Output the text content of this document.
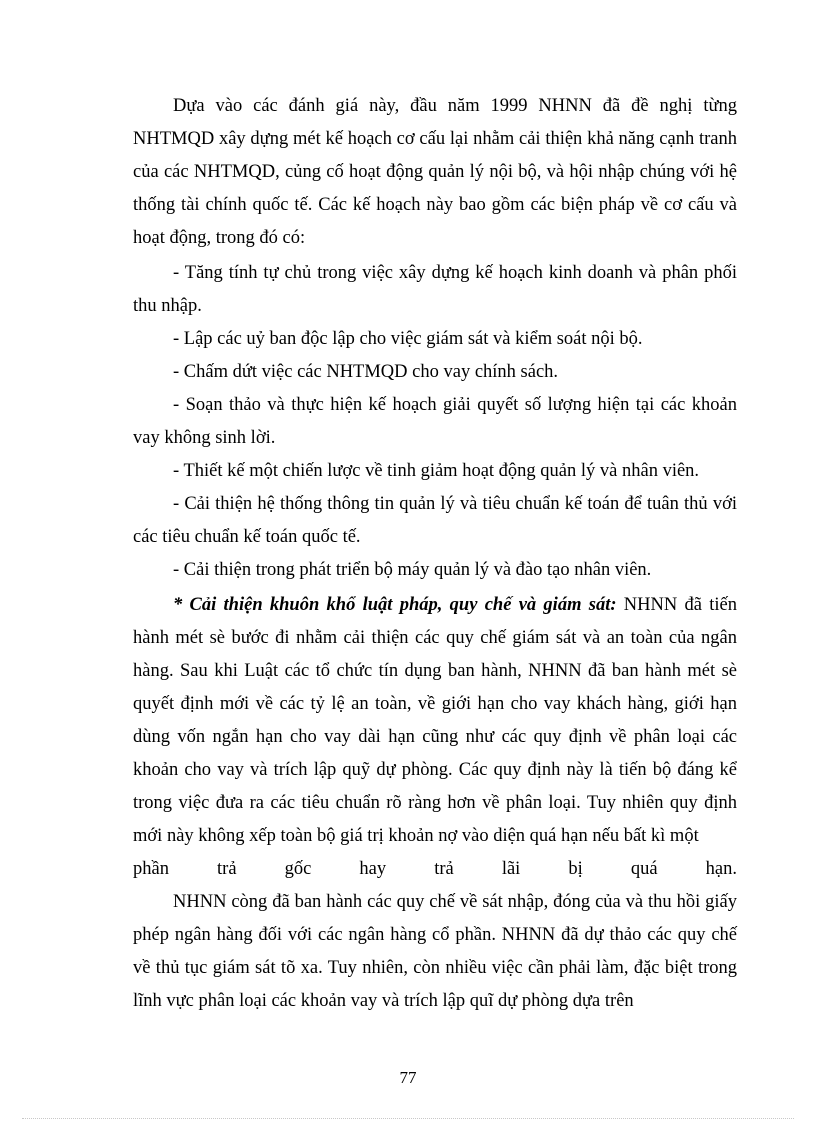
Dựa vào các đánh giá này, đầu năm 1999 NHNN đã đề nghị từng NHTMQD xây dựng mét kế hoạch cơ cấu lại nhằm cải thiện khả năng cạnh tranh của các NHTMQD, củng cố hoạt động quản lý nội bộ, và hội nhập chúng với hệ thống tài chính quốc tế. Các kế hoạch này bao gồm các biện pháp về cơ cấu và hoạt động, trong đó có:

- Tăng tính tự chủ trong việc xây dựng kế hoạch kinh doanh và phân phối thu nhập.

- Lập các uỷ ban độc lập cho việc giám sát và kiểm soát nội bộ.

- Chấm dứt việc các NHTMQD cho vay chính sách.

- Soạn thảo và thực hiện kế hoạch giải quyết số lượng hiện tại các khoản vay không sinh lời.

- Thiết kế một chiến lược về tinh giảm hoạt động quản lý và nhân viên.

- Cải thiện hệ thống thông tin quản lý và tiêu chuẩn kế toán để tuân thủ với các tiêu chuẩn kế toán quốc tế.

- Cải thiện trong phát triển bộ máy quản lý và đào tạo nhân viên.

* Cải thiện khuôn khổ luật pháp, quy chế và giám sát: NHNN đã tiến hành mét sè bước đi nhằm cải thiện các quy chế giám sát và an toàn của ngân hàng. Sau khi Luật các tổ chức tín dụng ban hành, NHNN đã ban hành mét sè quyết định mới về các tỷ lệ an toàn, về giới hạn cho vay khách hàng, giới hạn dùng vốn ngắn hạn cho vay dài hạn cũng như các quy định về phân loại các khoản cho vay và trích lập quỹ dự phòng. Các quy định này là tiến bộ đáng kể trong việc đưa ra các tiêu chuẩn rõ ràng hơn về phân loại. Tuy nhiên quy định mới này không xếp toàn bộ giá trị khoản nợ vào diện quá hạn nếu bất kì một

phần trả gốc hay trả lãi bị quá hạn.

NHNN còng đã ban hành các quy chế về sát nhập, đóng của và thu hồi giấy phép ngân hàng đối với các ngân hàng cổ phần. NHNN đã dự thảo các quy chế về thủ tục giám sát tõ xa. Tuy nhiên, còn nhiều việc cần phải làm, đặc biệt trong lĩnh vực phân loại các khoản vay và trích lập quĩ dự phòng dựa trên

77
